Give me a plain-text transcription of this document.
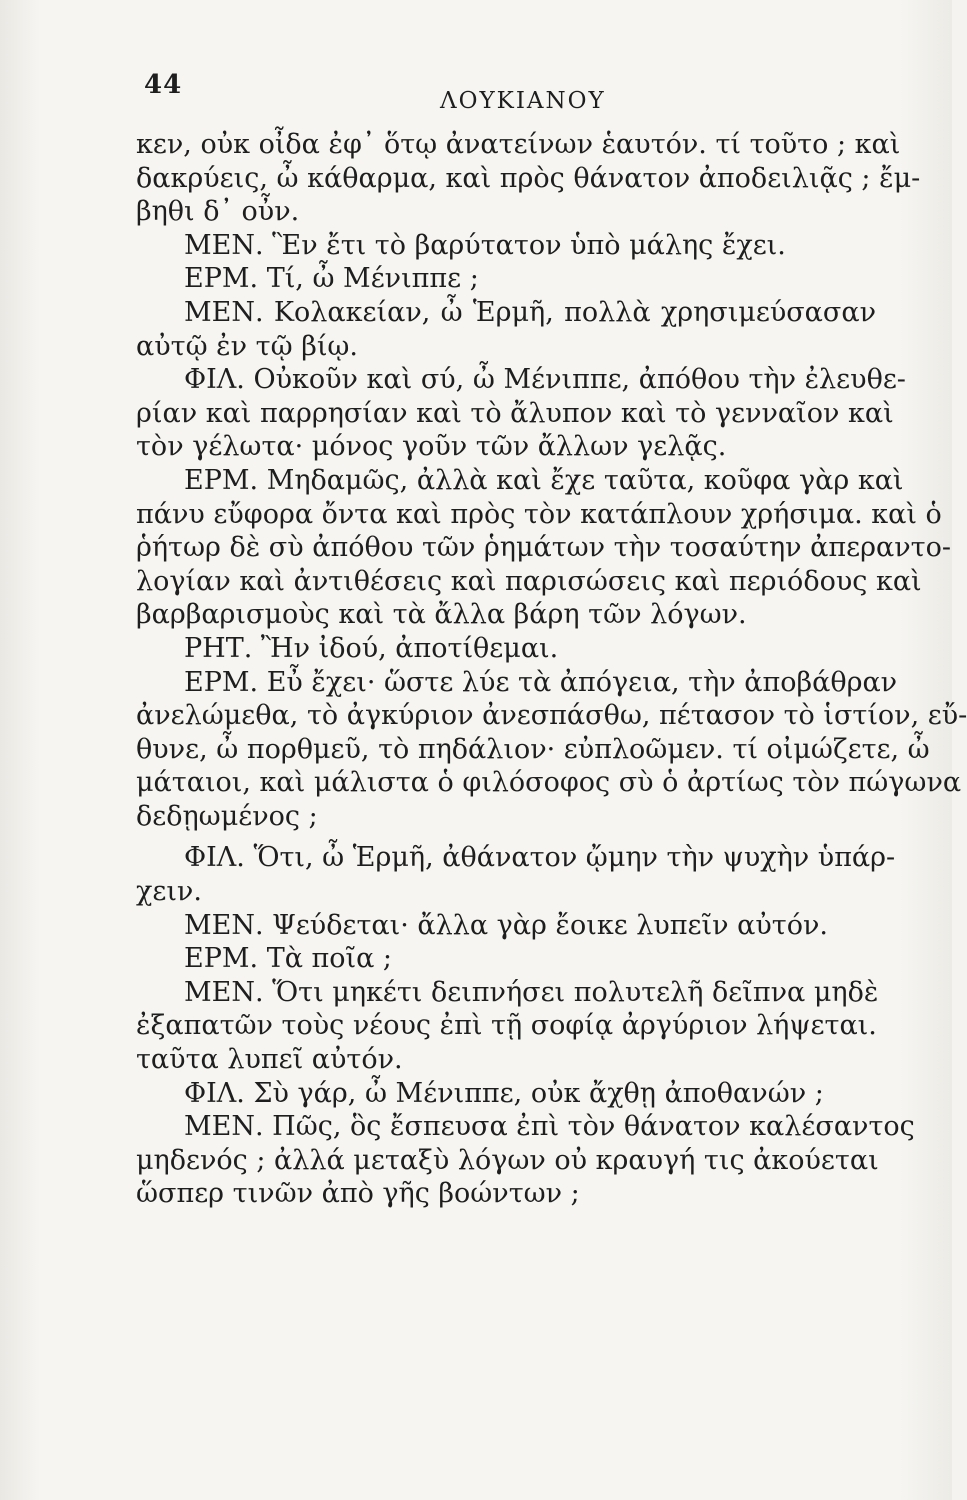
44
ΛΟΥΚΙΑΝΟΥ
κεν, οὐκ οἶδα ἐφ᾽ ὅτῳ ἀνατείνων ἑαυτόν. τί τοῦτο ; καὶ
δακρύεις, ὦ κάθαρμα, καὶ πρὸς θάνατον ἀποδειλιᾷς ; ἔμ-
βηθι δ᾽ οὖν.
ΜΕΝ. Ἓν ἔτι τὸ βαρύτατον ὑπὸ μάλης ἔχει.
ΕΡΜ. Τί, ὦ Μένιππε ;
ΜΕΝ. Κολακείαν, ὦ Ἑρμῆ, πολλὰ χρησιμεύσασαν
αὐτῷ ἐν τῷ βίῳ.
ΦΙΛ. Οὐκοῦν καὶ σύ, ὦ Μένιππε, ἀπόθου τὴν ἐλευθε-
ρίαν καὶ παρρησίαν καὶ τὸ ἄλυπον καὶ τὸ γενναῖον καὶ
τὸν γέλωτα· μόνος γοῦν τῶν ἄλλων γελᾷς.
ΕΡΜ. Μηδαμῶς, ἀλλὰ καὶ ἔχε ταῦτα, κοῦφα γὰρ καὶ
πάνυ εὔφορα ὄντα καὶ πρὸς τὸν κατάπλουν χρήσιμα. καὶ ὁ
ῥήτωρ δὲ σὺ ἀπόθου τῶν ῥημάτων τὴν τοσαύτην ἀπεραντο-
λογίαν καὶ ἀντιθέσεις καὶ παρισώσεις καὶ περιόδους καὶ
βαρβαρισμοὺς καὶ τὰ ἄλλα βάρη τῶν λόγων.
ΡΗΤ. Ἢν ἰδού, ἀποτίθεμαι.
ΕΡΜ. Εὖ ἔχει· ὥστε λύε τὰ ἀπόγεια, τὴν ἀποβάθραν
ἀνελώμεθα, τὸ ἀγκύριον ἀνεσπάσθω, πέτασον τὸ ἱστίον, εὔ-
θυνε, ὦ πορθμεῦ, τὸ πηδάλιον· εὐπλοῶμεν. τί οἰμώζετε, ὦ
μάταιοι, καὶ μάλιστα ὁ φιλόσοφος σὺ ὁ ἀρτίως τὸν πώγωνα
δεδῃωμένος ;
ΦΙΛ. Ὅτι, ὦ Ἑρμῆ, ἀθάνατον ᾤμην τὴν ψυχὴν ὑπάρ-
χειν.
ΜΕΝ. Ψεύδεται· ἄλλα γὰρ ἔοικε λυπεῖν αὐτόν.
ΕΡΜ. Τὰ ποῖα ;
ΜΕΝ. Ὅτι μηκέτι δειπνήσει πολυτελῆ δεῖπνα μηδὲ
ἐξαπατῶν τοὺς νέους ἐπὶ τῇ σοφίᾳ ἀργύριον λήψεται.
ταῦτα λυπεῖ αὐτόν.
ΦΙΛ. Σὺ γάρ, ὦ Μένιππε, οὐκ ἄχθῃ ἀποθανών ;
ΜΕΝ. Πῶς, ὃς ἔσπευσα ἐπὶ τὸν θάνατον καλέσαντος
μηδενός ; ἀλλά μεταξὺ λόγων οὐ κραυγή τις ἀκούεται
ὥσπερ τινῶν ἀπὸ γῆς βοώντων ;
